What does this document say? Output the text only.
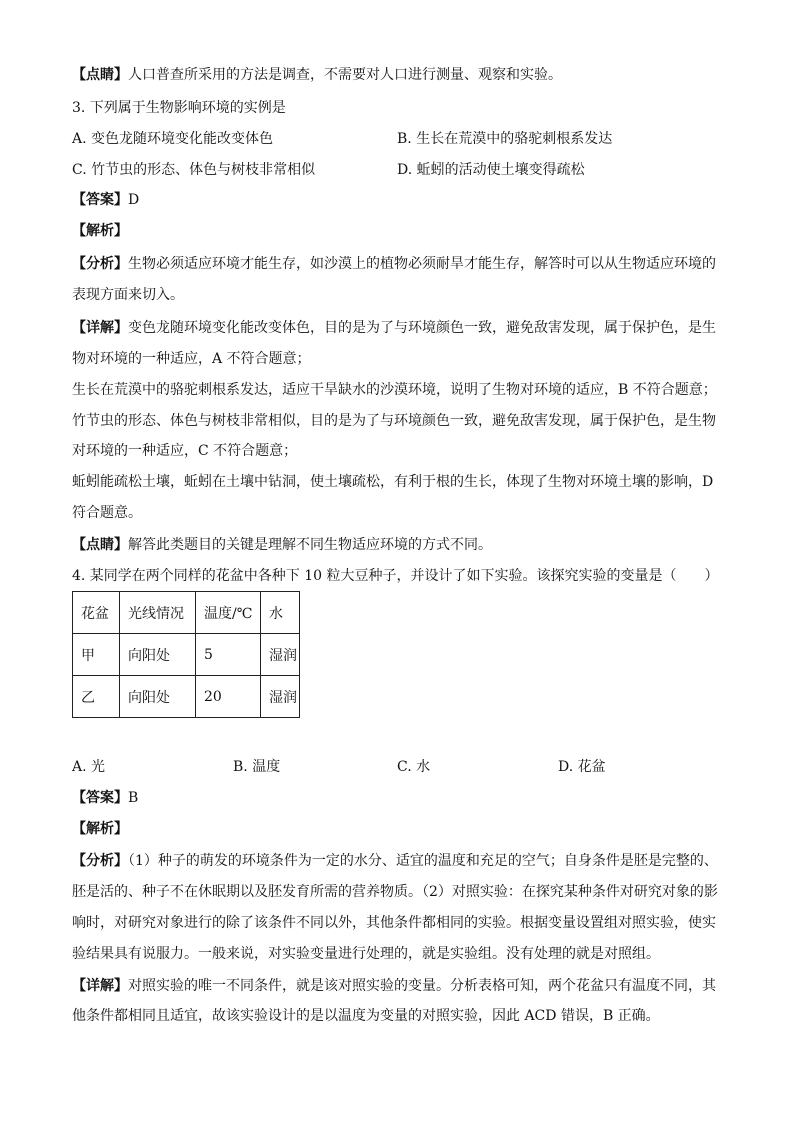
【点睛】人口普查所采用的方法是调查，不需要对人口进行测量、观察和实验。
3. 下列属于生物影响环境的实例是
A. 变色龙随环境变化能改变体色	B. 生长在荒漠中的骆驼刺根系发达
C. 竹节虫的形态、体色与树枝非常相似	D. 蚯蚓的活动使土壤变得疏松
【答案】D
【解析】
【分析】生物必须适应环境才能生存，如沙漠上的植物必须耐旱才能生存，解答时可以从生物适应环境的
表现方面来切入。
【详解】变色龙随环境变化能改变体色，目的是为了与环境颜色一致，避免敌害发现，属于保护色，是生
物对环境的一种适应，A 不符合题意；
生长在荒漠中的骆驼刺根系发达，适应干旱缺水的沙漠环境，说明了生物对环境的适应，B 不符合题意；
竹节虫的形态、体色与树枝非常相似，目的是为了与环境颜色一致，避免敌害发现，属于保护色，是生物
对环境的一种适应，C 不符合题意；
蚯蚓能疏松土壤，蚯蚓在土壤中钻洞，使土壤疏松，有利于根的生长，体现了生物对环境土壤的影响，D
符合题意。
【点睛】解答此类题目的关键是理解不同生物适应环境的方式不同。
4. 某同学在两个同样的花盆中各种下 10 粒大豆种子，并设计了如下实验。该探究实验的变量是（　　）
花盆	光线情况	温度/℃	水
甲	向阳处	5	湿润
乙	向阳处	20	湿润
A. 光	B. 温度	C. 水	D. 花盆
【答案】B
【解析】
【分析】（1）种子的萌发的环境条件为一定的水分、适宜的温度和充足的空气；自身条件是胚是完整的、
胚是活的、种子不在休眠期以及胚发育所需的营养物质。（2）对照实验：在探究某种条件对研究对象的影
响时，对研究对象进行的除了该条件不同以外，其他条件都相同的实验。根据变量设置组对照实验，使实
验结果具有说服力。一般来说，对实验变量进行处理的，就是实验组。没有处理的就是对照组。
【详解】对照实验的唯一不同条件，就是该对照实验的变量。分析表格可知，两个花盆只有温度不同，其
他条件都相同且适宜，故该实验设计的是以温度为变量的对照实验，因此 ACD 错误，B 正确。
